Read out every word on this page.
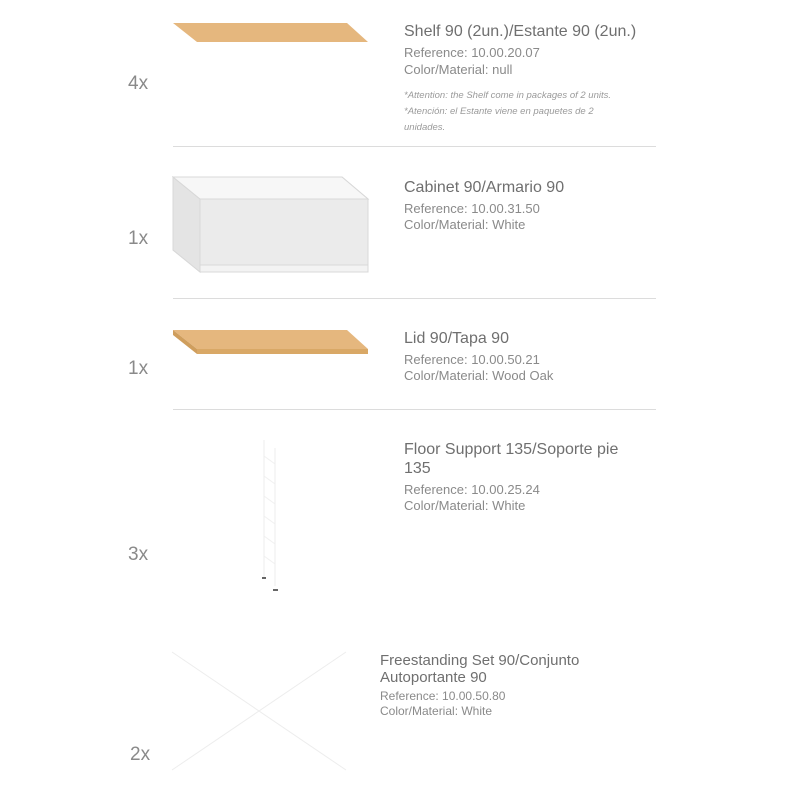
4x
Shelf 90 (2un.)/Estante 90 (2un.)
Reference: 10.00.20.07
Color/Material: null
*Attention: the Shelf come in packages of 2 units.
*Atención: el Estante viene en paquetes de 2 unidades.
1x
Cabinet 90/Armario 90
Reference: 10.00.31.50
Color/Material: White
1x
Lid 90/Tapa 90
Reference: 10.00.50.21
Color/Material: Wood Oak
3x
Floor Support 135/Soporte pie
135
Reference: 10.00.25.24
Color/Material: White
2x
Freestanding Set 90/Conjunto
Autoportante 90
Reference: 10.00.50.80
Color/Material: White
